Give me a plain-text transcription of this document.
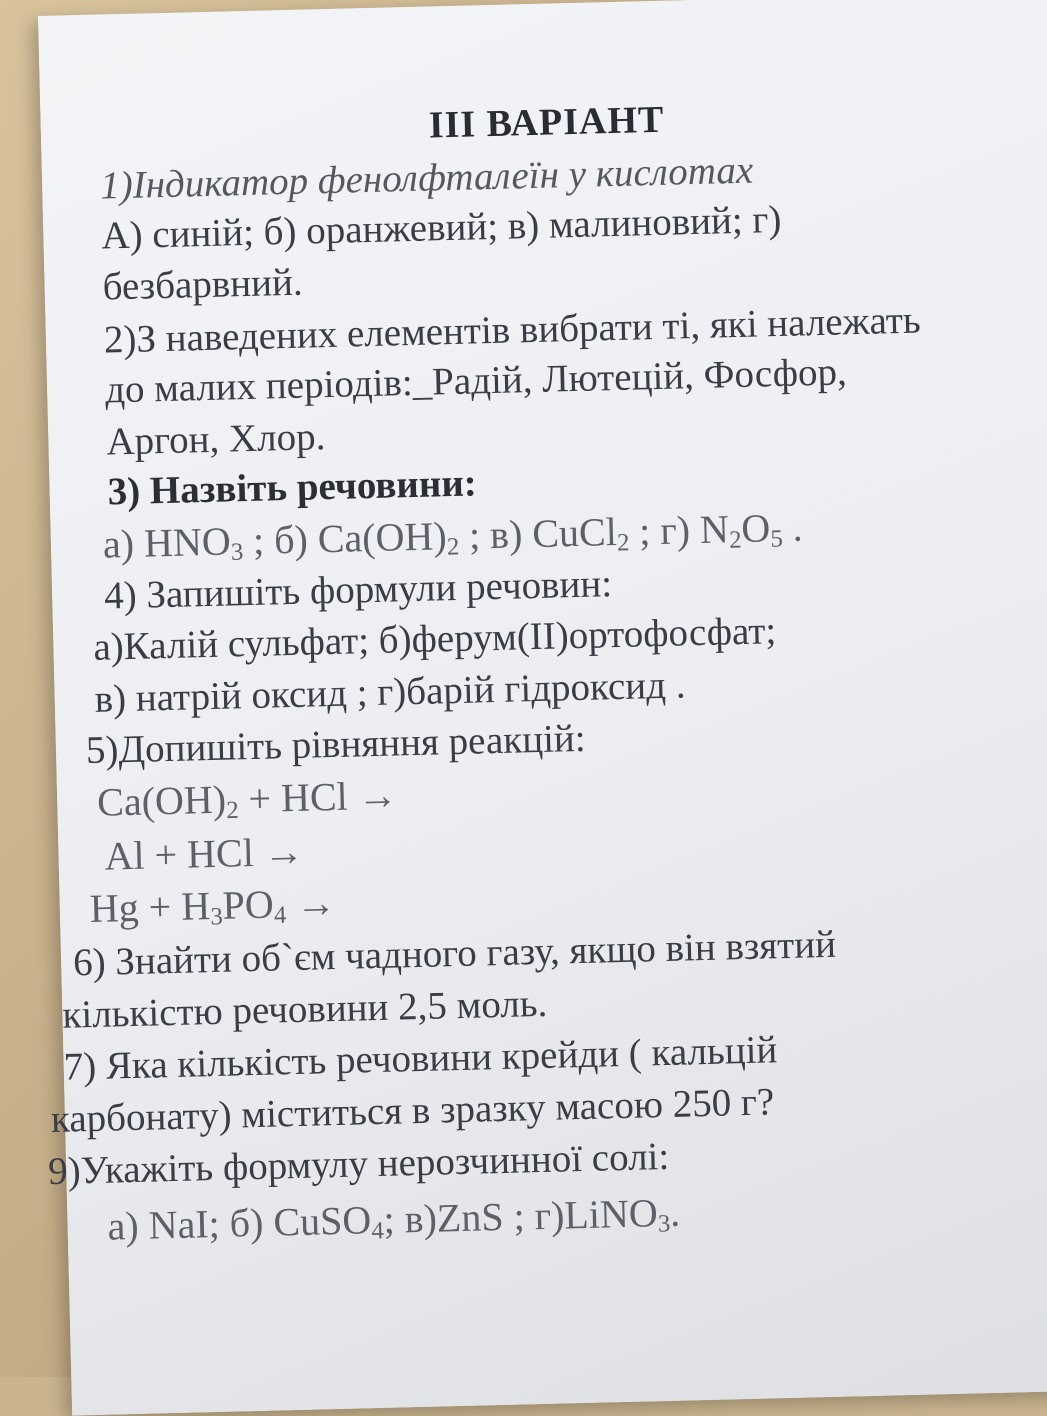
ІІІ ВАРІАНТ
1)Індикатор фенолфталеїн у кислотах
А) синій; б) оранжевий; в) малиновий; г)
безбарвний.
2)З наведених елементів вибрати ті, які належать
до малих періодів:_Радій, Лютецій, Фосфор,
Аргон, Хлор.
3) Назвіть речовини:
а) $HNO_3$ ; б) $Ca(OH)_2$ ; в) CuCl$_2$ ; г) $N_2O_5$ .
4) Запишіть формули речовин:
а)Калій сульфат; б)ферум(II)ортофосфат;
в) натрій оксид ; г)барій гідроксид .
5)Допишіть рівняння реакцій:
$Ca(OH)_2$ + HCl →
Al + HCl →
$Hg + H_3PO_4$ →
6) Знайти об`єм чадного газу, якщо він взятий
кількістю речовини 2,5 моль.
7) Яка кількість речовини крейди ( кальцій
карбонату) міститься в зразку масою 250 г?
9)Укажіть формулу нерозчинної солі:
а) NaI; б) CuSO$_4$; в)ZnS ; г)LiNO$_3$.
